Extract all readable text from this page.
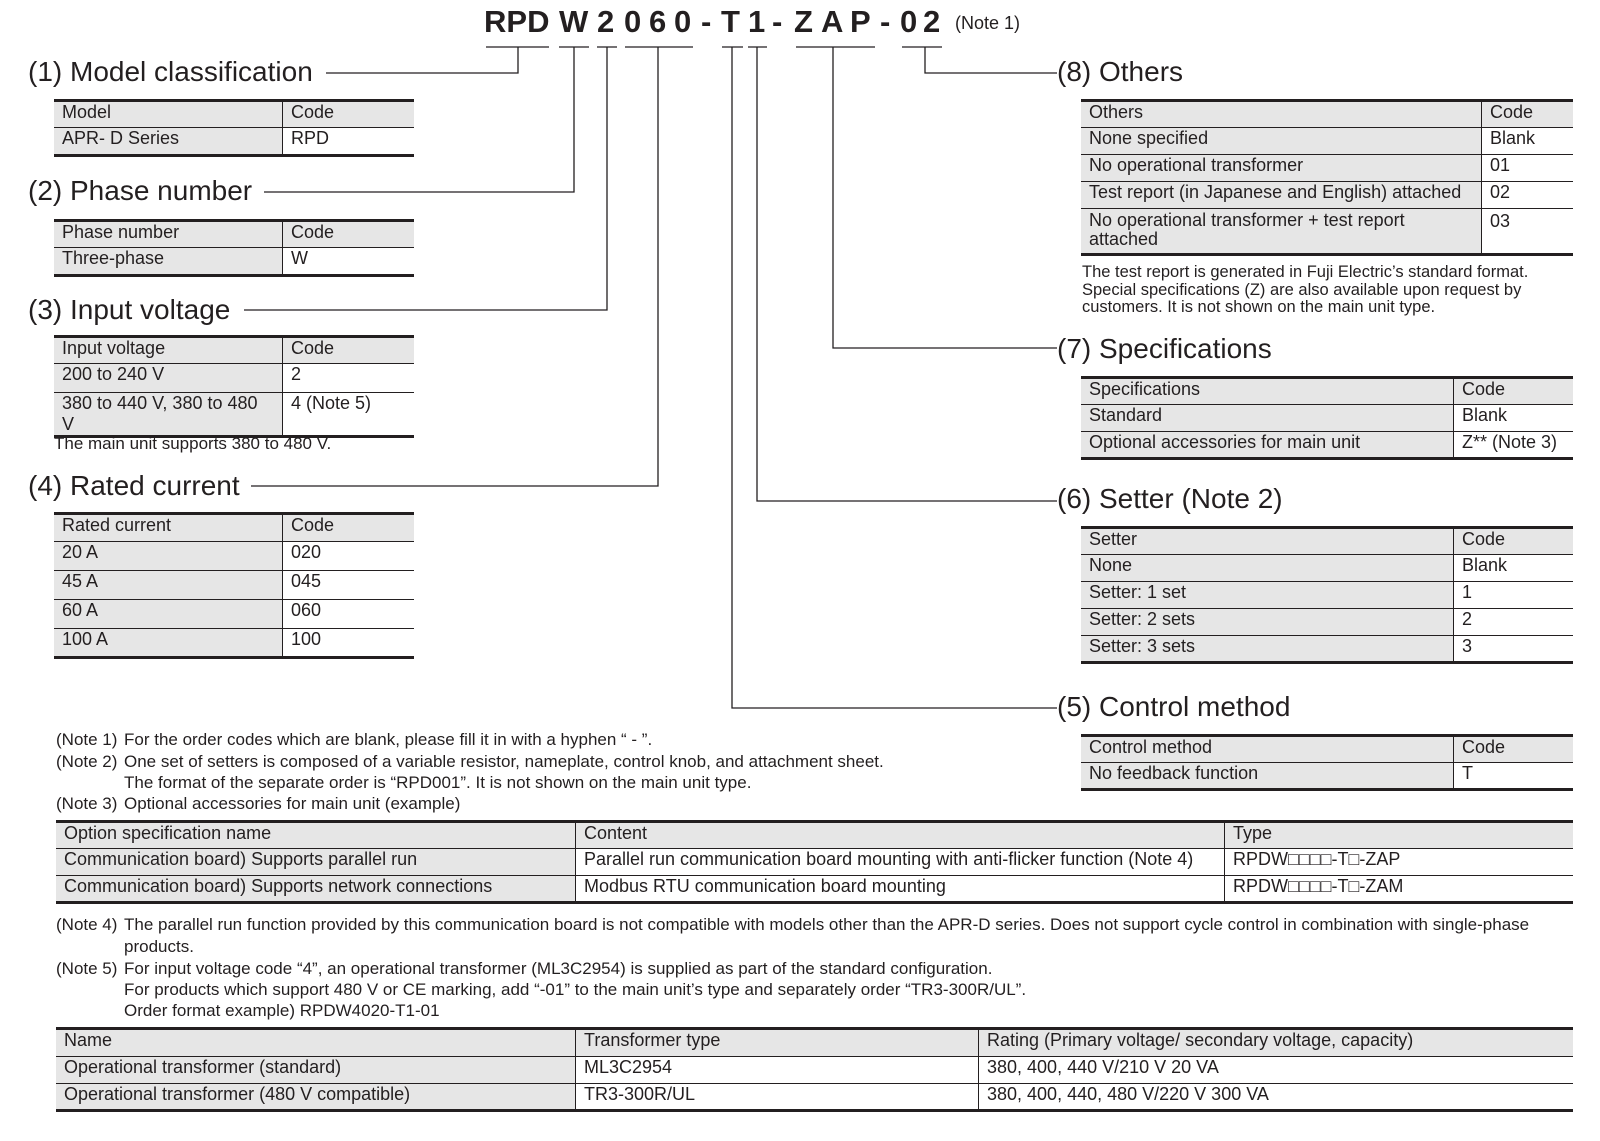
RPD W 2 0 6 0 - T 1 - Z A P - 0 2 (Note 1)
(1) Model classification
Model	Code
APR- D Series	RPD
(2) Phase number
Phase number	Code
Three-phase	W
(3) Input voltage
Input voltage	Code
200 to 240 V	2
380 to 440 V, 380 to 480 V	4 (Note 5)
The main unit supports 380 to 480 V.
(4) Rated current
Rated current	Code
20 A	020
45 A	045
60 A	060
100 A	100
(8) Others
Others	Code
None specified	Blank
No operational transformer	01
Test report (in Japanese and English) attached	02
No operational transformer + test report attached	03
The test report is generated in Fuji Electric’s standard format. Special specifications (Z) are also available upon request by customers. It is not shown on the main unit type.
(7) Specifications
Specifications	Code
Standard	Blank
Optional accessories for main unit	Z** (Note 3)
(6) Setter (Note 2)
Setter	Code
None	Blank
Setter: 1 set	1
Setter: 2 sets	2
Setter: 3 sets	3
(5) Control method
Control method	Code
No feedback function	T
(Note 1) For the order codes which are blank, please fill it in with a hyphen “ - ”.
(Note 2) One set of setters is composed of a variable resistor, nameplate, control knob, and attachment sheet.
The format of the separate order is “RPD001”. It is not shown on the main unit type.
(Note 3) Optional accessories for main unit (example)
Option specification name	Content	Type
Communication board) Supports parallel run	Parallel run communication board mounting with anti-flicker function (Note 4)	RPDW□□□□-T□-ZAP
Communication board) Supports network connections	Modbus RTU communication board mounting	RPDW□□□□-T□-ZAM
(Note 4) The parallel run function provided by this communication board is not compatible with models other than the APR-D series. Does not support cycle control in combination with single-phase
products.
(Note 5) For input voltage code “4”, an operational transformer (ML3C2954) is supplied as part of the standard configuration.
For products which support 480 V or CE marking, add “-01” to the main unit’s type and separately order “TR3-300R/UL”.
Order format example) RPDW4020-T1-01
Name	Transformer type	Rating (Primary voltage/ secondary voltage, capacity)
Operational transformer (standard)	ML3C2954	380, 400, 440 V/210 V 20 VA
Operational transformer (480 V compatible)	TR3-300R/UL	380, 400, 440, 480 V/220 V 300 VA
